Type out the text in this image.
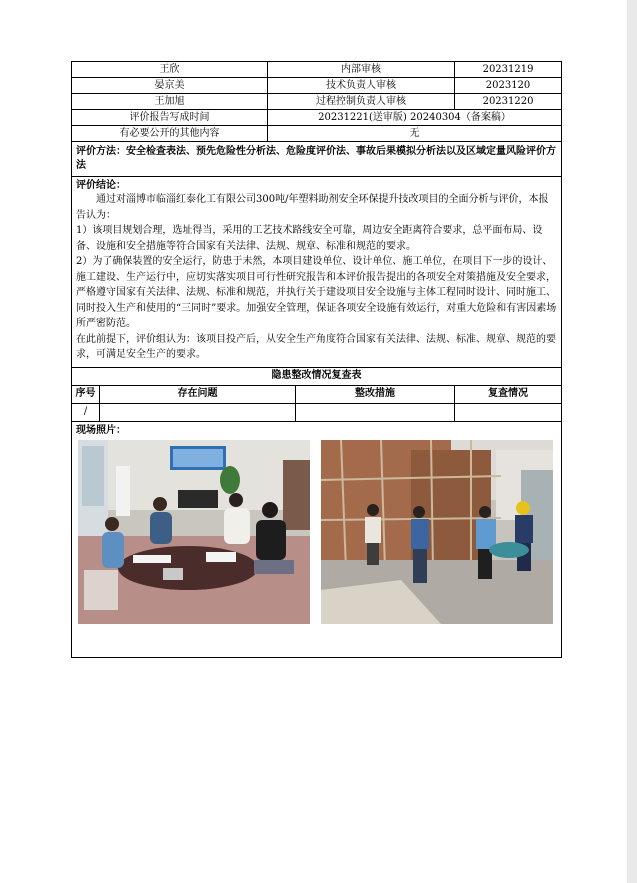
王欣		内部审核		20231219
晏京美		技术负责人审核		2023120
王加旭		过程控制负责人审核		20231220
评价报告写成时间		20231221(送审版) 20240304（备案稿）		
有必要公开的其他内容		无		
评价方法：安全检查表法、预先危险性分析法、危险度评价法、事故后果模拟分析法以及区域定量风险评价方法				

评价结论：

通过对淄博市临淄红泰化工有限公司300吨/年塑料助剂安全环保提升技改项目的全面分析与评价，本报告认为：

1）该项目规划合理，选址得当，采用的工艺技术路线安全可靠，周边安全距离符合要求，总平面布局、设备、设施和安全措施等符合国家有关法律、法规、规章、标准和规范的要求。

2）为了确保装置的安全运行，防患于未然，本项目建设单位、设计单位、施工单位，在项目下一步的设计、施工建设、生产运行中，应切实落实项目可行性研究报告和本评价报告提出的各项安全对策措施及安全要求，严格遵守国家有关法律、法规、标准和规范，并执行关于建设项目安全设施与主体工程同时设计、同时施工、同时投入生产和使用的“三同时”要求。加强安全管理，保证各项安全设施有效运行，对重大危险和有害因素场所严密防范。

在此前提下，评价组认为：该项目投产后，从安全生产角度符合国家有关法律、法规、标准、规章、规范的要求，可满足安全生产的要求。				

隐患整改情况复查表				
序号	存在问题		整改措施	复查情况
/				

现场照片：				
